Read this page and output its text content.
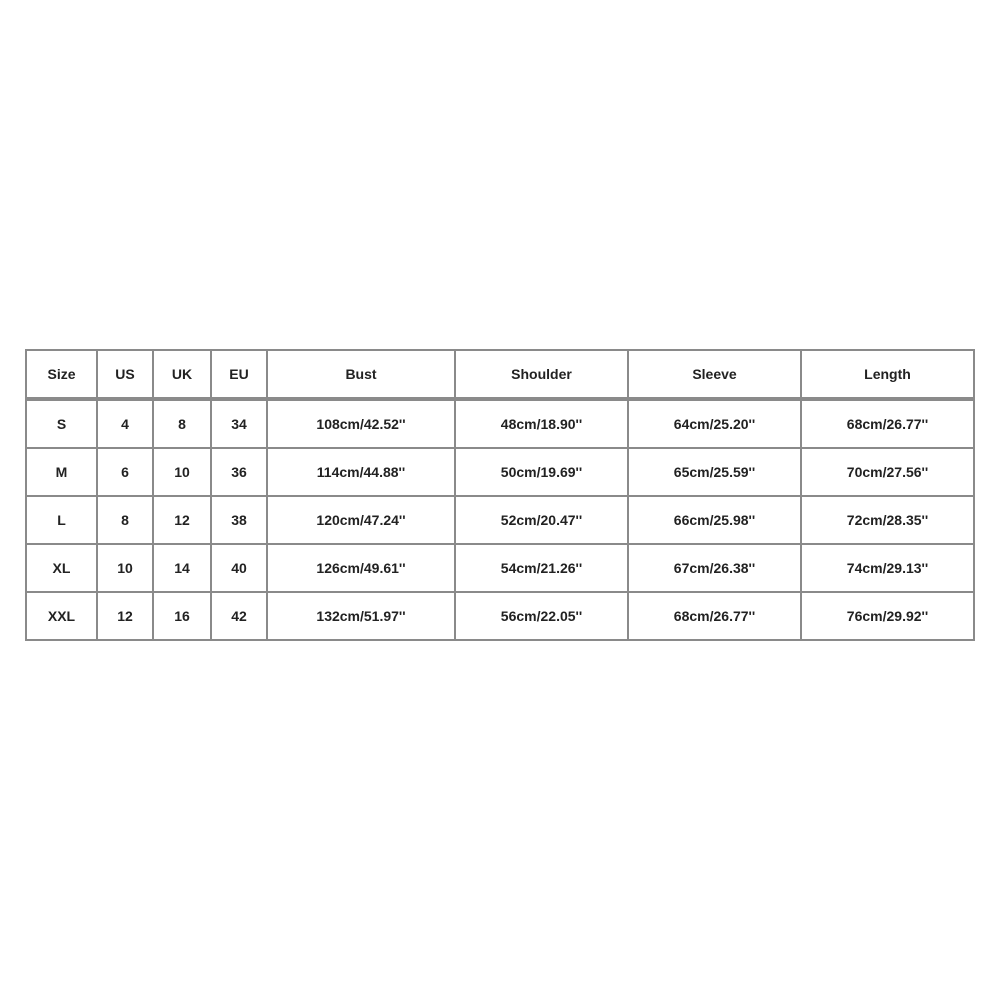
Size	US	UK	EU	Bust	Shoulder	Sleeve	Length
S	4	8	34	108cm/42.52''	48cm/18.90''	64cm/25.20''	68cm/26.77''
M	6	10	36	114cm/44.88''	50cm/19.69''	65cm/25.59''	70cm/27.56''
L	8	12	38	120cm/47.24''	52cm/20.47''	66cm/25.98''	72cm/28.35''
XL	10	14	40	126cm/49.61''	54cm/21.26''	67cm/26.38''	74cm/29.13''
XXL	12	16	42	132cm/51.97''	56cm/22.05''	68cm/26.77''	76cm/29.92''
